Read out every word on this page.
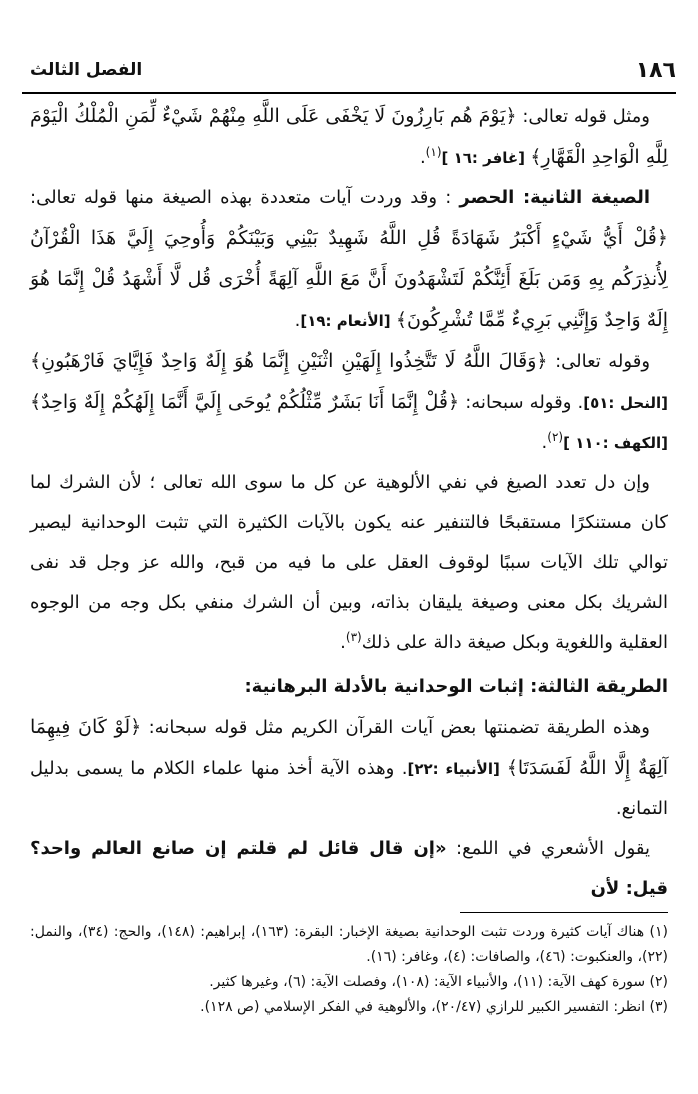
١٨٦
الفصل الثالث

ومثل قوله تعالى: ﴿يَوْمَ هُم بَارِزُونَ لَا يَخْفَى عَلَى اللَّهِ مِنْهُمْ شَيْءٌ لِّمَنِ الْمُلْكُ الْيَوْمَ لِلَّهِ الْوَاحِدِ الْقَهَّارِ﴾ [غافر :١٦ ]$^{(١)}$.

الصيغة الثانية: الحصر : وقد وردت آيات متعددة بهذه الصيغة منها قوله تعالى: ﴿قُلْ أَيُّ شَيْءٍ أَكْبَرُ شَهَادَةً قُلِ اللَّهُ شَهِيدٌ بَيْنِي وَبَيْنَكُمْ وَأُوحِيَ إِلَيَّ هَذَا الْقُرْآنُ لِأُنذِرَكُم بِهِ وَمَن بَلَغَ أَئِنَّكُمْ لَتَشْهَدُونَ أَنَّ مَعَ اللَّهِ آلِهَةً أُخْرَى قُل لَّا أَشْهَدُ قُلْ إِنَّمَا هُوَ إِلَهٌ وَاحِدٌ وَإِنَّنِي بَرِيءٌ مِّمَّا تُشْرِكُونَ﴾ [الأنعام :١٩].

وقوله تعالى: ﴿وَقَالَ اللَّهُ لَا تَتَّخِذُوا إِلَهَيْنِ اثْنَيْنِ إِنَّمَا هُوَ إِلَهٌ وَاحِدٌ فَإِيَّايَ فَارْهَبُونِ﴾ [النحل :٥١]. وقوله سبحانه: ﴿قُلْ إِنَّمَا أَنَا بَشَرٌ مِّثْلُكُمْ يُوحَى إِلَيَّ أَنَّمَا إِلَهُكُمْ إِلَهٌ وَاحِدٌ﴾ [الكهف :١١٠ ]$^{(٢)}$.

وإن دل تعدد الصيغ في نفي الألوهية عن كل ما سوى الله تعالى ؛ لأن الشرك لما كان مستنكرًا مستقبحًا فالتنفير عنه يكون بالآيات الكثيرة التي تثبت الوحدانية ليصير توالي تلك الآيات سببًا لوقوف العقل على ما فيه من قبح، والله عز وجل قد نفى الشريك بكل معنى وصيغة يليقان بذاته، وبين أن الشرك منفي بكل وجه من الوجوه العقلية واللغوية وبكل صيغة دالة على ذلك$^{(٣)}$.

الطريقة الثالثة: إثبات الوحدانية بالأدلة البرهانية:

وهذه الطريقة تضمنتها بعض آيات القرآن الكريم مثل قوله سبحانه: ﴿لَوْ كَانَ فِيهِمَا آلِهَةٌ إِلَّا اللَّهُ لَفَسَدَتَا﴾ [الأنبياء :٢٢]. وهذه الآية أخذ منها علماء الكلام ما يسمى بدليل التمانع.

يقول الأشعري في اللمع: «إن قال قائل لم قلتم إن صانع العالم واحد؟ قيل: لأن

(١) هناك آيات كثيرة وردت تثبت الوحدانية بصيغة الإخبار: البقرة: (١٦٣)، إبراهيم: (١٤٨)، والحج: (٣٤)، والنمل: (٢٢)، والعنكبوت: (٤٦)، والصافات: (٤)، وغافر: (١٦).

(٢) سورة كهف الآية: (١١)، والأنبياء الآية: (١٠٨)، وفصلت الآية: (٦)، وغيرها كثير.

(٣) انظر: التفسير الكبير للرازي (٢٠/٤٧)، والألوهية في الفكر الإسلامي (ص ١٢٨).
